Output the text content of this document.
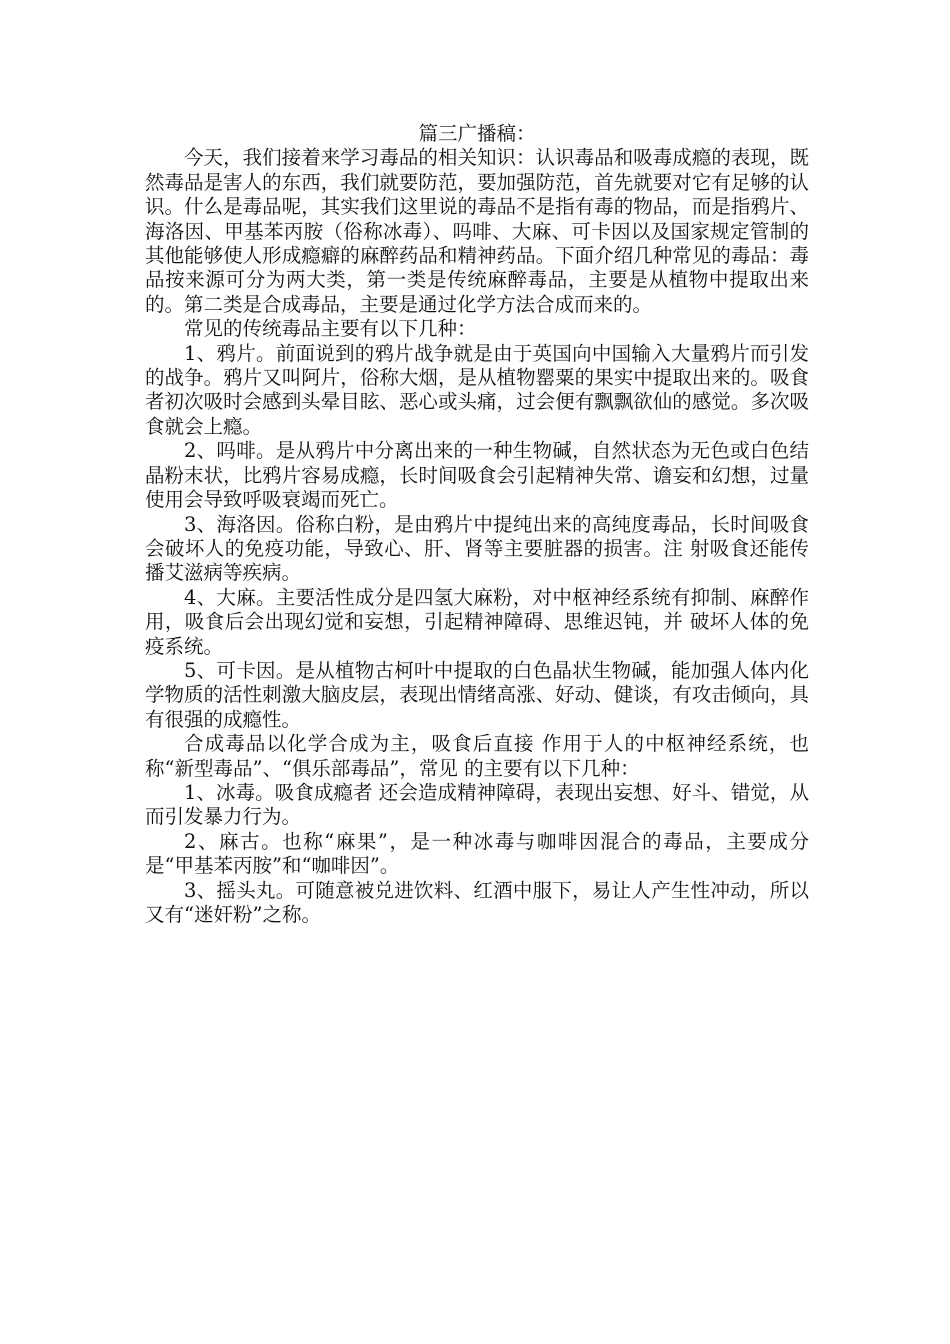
篇三广播稿：

今天，我们接着来学习毒品的相关知识：认识毒品和吸毒成瘾的表现，既然毒品是害人的东西，我们就要防范，要加强防范，首先就要对它有足够的认识。什么是毒品呢，其实我们这里说的毒品不是指有毒的物品，而是指鸦片、海洛因、甲基苯丙胺（俗称冰毒）、吗啡、大麻、可卡因以及国家规定管制的其他能够使人形成瘾癖的麻醉药品和精神药品。下面介绍几种常见的毒品：毒品按来源可分为两大类，第一类是传统麻醉毒品，主要是从植物中提取出来的。第二类是合成毒品，主要是通过化学方法合成而来的。

常见的传统毒品主要有以下几种：

1、鸦片。前面说到的鸦片战争就是由于英国向中国输入大量鸦片而引发的战争。鸦片又叫阿片，俗称大烟，是从植物罂粟的果实中提取出来的。吸食者初次吸时会感到头晕目眩、恶心或头痛，过会便有飘飘欲仙的感觉。多次吸食就会上瘾。

2、吗啡。是从鸦片中分离出来的一种生物碱，自然状态为无色或白色结晶粉末状，比鸦片容易成瘾，长时间吸食会引起精神失常、谵妄和幻想，过量使用会导致呼吸衰竭而死亡。

3、海洛因。俗称白粉，是由鸦片中提纯出来的高纯度毒品，长时间吸食会破坏人的免疫功能，导致心、肝、肾等主要脏器的损害。注 射吸食还能传播艾滋病等疾病。

4、大麻。主要活性成分是四氢大麻粉，对中枢神经系统有抑制、麻醉作用，吸食后会出现幻觉和妄想，引起精神障碍、思维迟钝，并 破坏人体的免疫系统。

5、可卡因。是从植物古柯叶中提取的白色晶状生物碱，能加强人体内化学物质的活性刺激大脑皮层，表现出情绪高涨、好动、健谈，有攻击倾向，具有很强的成瘾性。

合成毒品以化学合成为主，吸食后直接 作用于人的中枢神经系统，也称“新型毒品”、“俱乐部毒品”，常见 的主要有以下几种：

1、冰毒。吸食成瘾者 还会造成精神障碍，表现出妄想、好斗、错觉，从而引发暴力行为。

2、麻古。也称“麻果”，是一种冰毒与咖啡因混合的毒品，主要成分是“甲基苯丙胺”和“咖啡因”。

3、摇头丸。可随意被兑进饮料、红酒中服下，易让人产生性冲动，所以又有“迷奸粉”之称。
